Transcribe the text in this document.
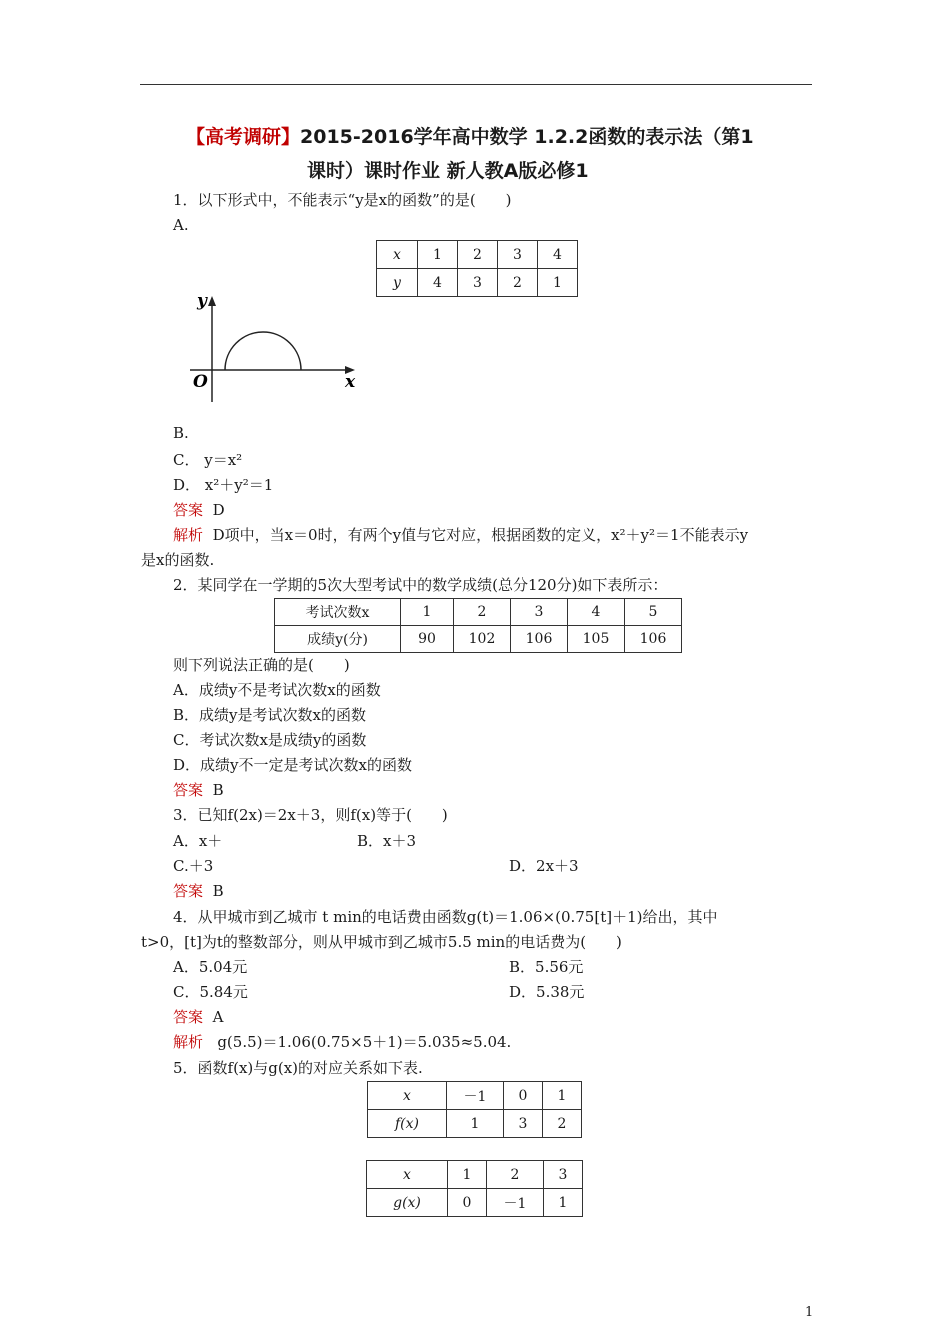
【高考调研】2015-2016学年高中数学 1.2.2函数的表示法（第1
课时）课时作业 新人教A版必修1
1．以下形式中，不能表示“y是x的函数”的是(　　)
A.
x	1	2	3	4
y	4	3	2	1
y
x
O
B.
C． y＝x²
D． x²＋y²＝1
答案 D
解析 D项中，当x＝0时，有两个y值与它对应，根据函数的定义，x²＋y²＝1不能表示y
是x的函数.
2．某同学在一学期的5次大型考试中的数学成绩(总分120分)如下表所示：
考试次数x	1	2	3	4	5
成绩y(分)	90	102	106	105	106
则下列说法正确的是(　　)
A．成绩y不是考试次数x的函数
B．成绩y是考试次数x的函数
C．考试次数x是成绩y的函数
D．成绩y不一定是考试次数x的函数
答案 B
3．已知f(2x)＝2x＋3，则f(x)等于(　　)
A．x＋	B．x＋3
C.＋3	D．2x＋3
答案 B
4．从甲城市到乙城市 t min的电话费由函数g(t)＝1.06×(0.75[t]＋1)给出，其中
t>0，[t]为t的整数部分，则从甲城市到乙城市5.5 min的电话费为(　　)
A．5.04元	B．5.56元
C．5.84元	D．5.38元
答案 A
解析 g(5.5)＝1.06(0.75×5＋1)＝5.035≈5.04.
5．函数f(x)与g(x)的对应关系如下表.
x	－1	0	1
f(x)	1	3	2
x	1	2	3
g(x)	0	－1	1
1
